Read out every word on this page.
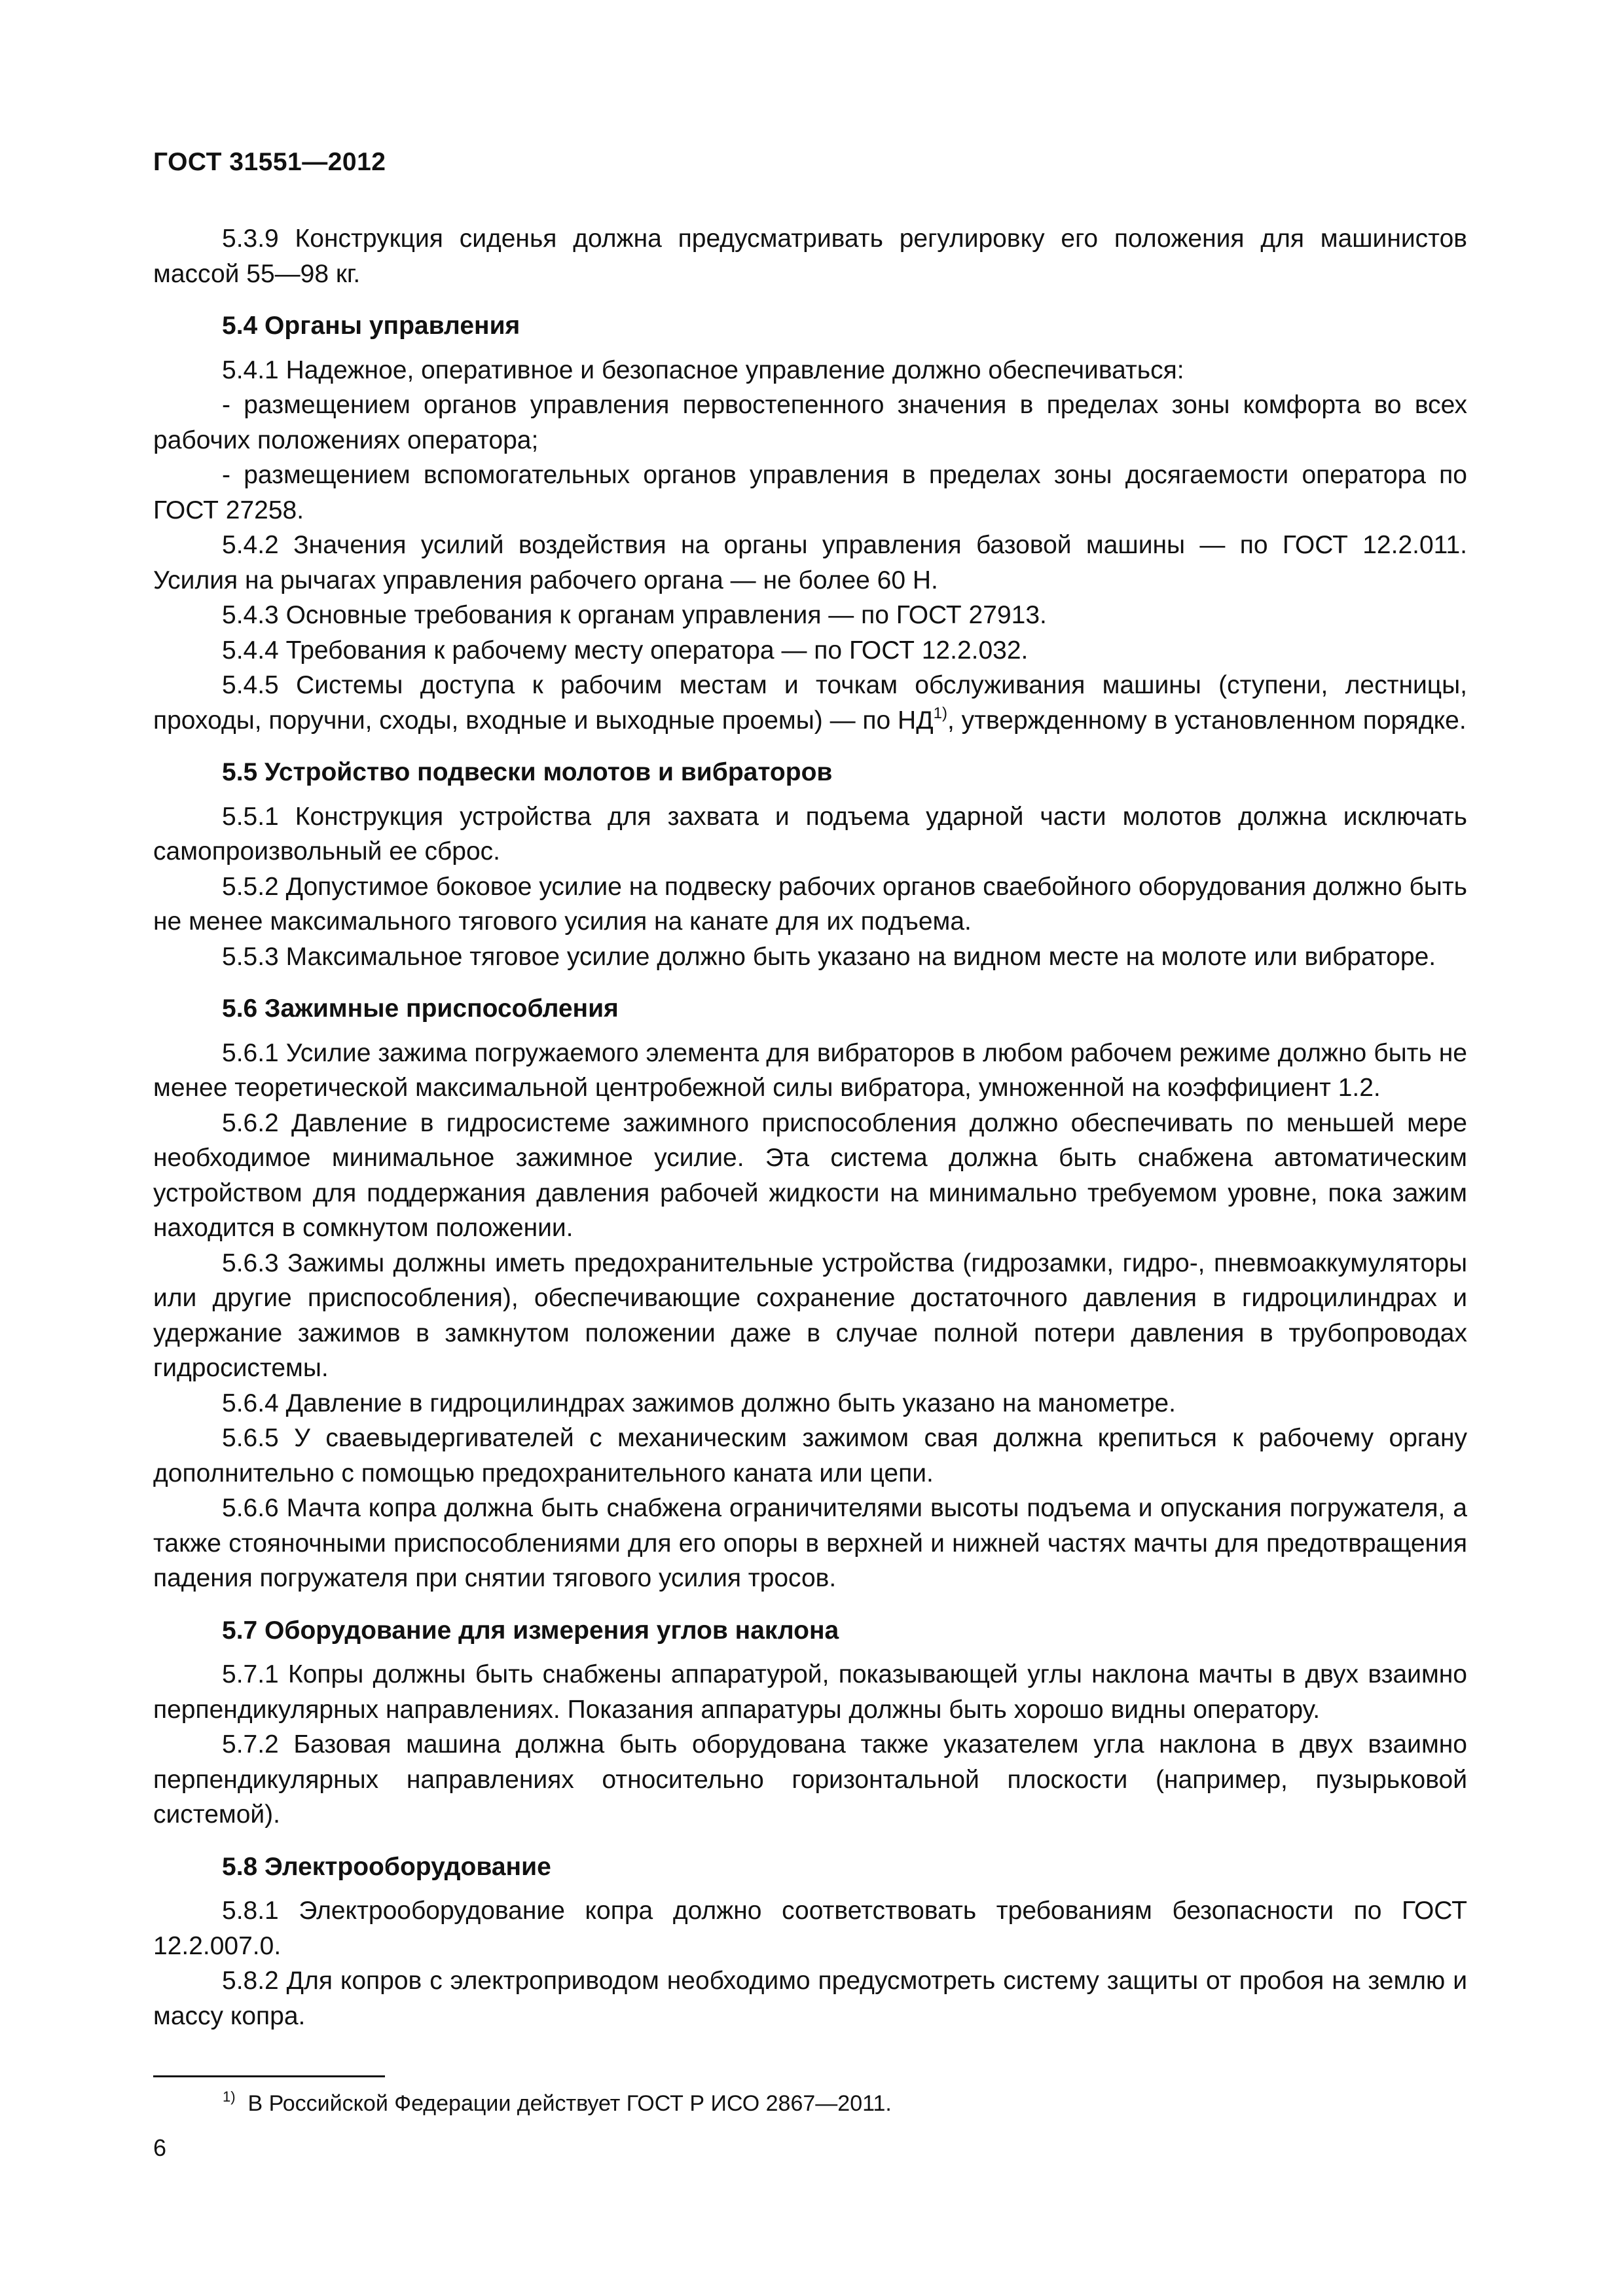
ГОСТ 31551—2012

5.3.9 Конструкция сиденья должна предусматривать регулировку его положения для машинистов массой 55—98 кг.

5.4 Органы управления

5.4.1 Надежное, оперативное и безопасное управление должно обеспечиваться:

- размещением органов управления первостепенного значения в пределах зоны комфорта во всех рабочих положениях оператора;

- размещением вспомогательных органов управления в пределах зоны досягаемости оператора по ГОСТ 27258.

5.4.2 Значения усилий воздействия на органы управления базовой машины — по ГОСТ 12.2.011. Усилия на рычагах управления рабочего органа — не более 60 Н.

5.4.3 Основные требования к органам управления — по ГОСТ 27913.

5.4.4 Требования к рабочему месту оператора — по ГОСТ 12.2.032.

5.4.5 Системы доступа к рабочим местам и точкам обслуживания машины (ступени, лестницы, проходы, поручни, сходы, входные и выходные проемы) — по НД$^{1)}$, утвержденному в установленном порядке.

5.5 Устройство подвески молотов и вибраторов

5.5.1 Конструкция устройства для захвата и подъема ударной части молотов должна исключать самопроизвольный ее сброс.

5.5.2 Допустимое боковое усилие на подвеску рабочих органов сваебойного оборудования должно быть не менее максимального тягового усилия на канате для их подъема.

5.5.3 Максимальное тяговое усилие должно быть указано на видном месте на молоте или вибраторе.

5.6 Зажимные приспособления

5.6.1 Усилие зажима погружаемого элемента для вибраторов в любом рабочем режиме должно быть не менее теоретической максимальной центробежной силы вибратора, умноженной на коэффициент 1.2.

5.6.2 Давление в гидросистеме зажимного приспособления должно обеспечивать по меньшей мере необходимое минимальное зажимное усилие. Эта система должна быть снабжена автоматическим устройством для поддержания давления рабочей жидкости на минимально требуемом уровне, пока зажим находится в сомкнутом положении.

5.6.3 Зажимы должны иметь предохранительные устройства (гидрозамки, гидро-, пневмоаккумуляторы или другие приспособления), обеспечивающие сохранение достаточного давления в гидроцилиндрах и удержание зажимов в замкнутом положении даже в случае полной потери давления в трубопроводах гидросистемы.

5.6.4 Давление в гидроцилиндрах зажимов должно быть указано на манометре.

5.6.5 У сваевыдергивателей с механическим зажимом свая должна крепиться к рабочему органу дополнительно с помощью предохранительного каната или цепи.

5.6.6 Мачта копра должна быть снабжена ограничителями высоты подъема и опускания погружателя, а также стояночными приспособлениями для его опоры в верхней и нижней частях мачты для предотвращения падения погружателя при снятии тягового усилия тросов.

5.7 Оборудование для измерения углов наклона

5.7.1 Копры должны быть снабжены аппаратурой, показывающей углы наклона мачты в двух взаимно перпендикулярных направлениях. Показания аппаратуры должны быть хорошо видны оператору.

5.7.2 Базовая машина должна быть оборудована также указателем угла наклона в двух взаимно перпендикулярных направлениях относительно горизонтальной плоскости (например, пузырьковой системой).

5.8 Электрооборудование

5.8.1 Электрооборудование копра должно соответствовать требованиям безопасности по ГОСТ 12.2.007.0.

5.8.2 Для копров с электроприводом необходимо предусмотреть систему защиты от пробоя на землю и массу копра.

$^{1)}$ В Российской Федерации действует ГОСТ Р ИСО 2867—2011.
6
